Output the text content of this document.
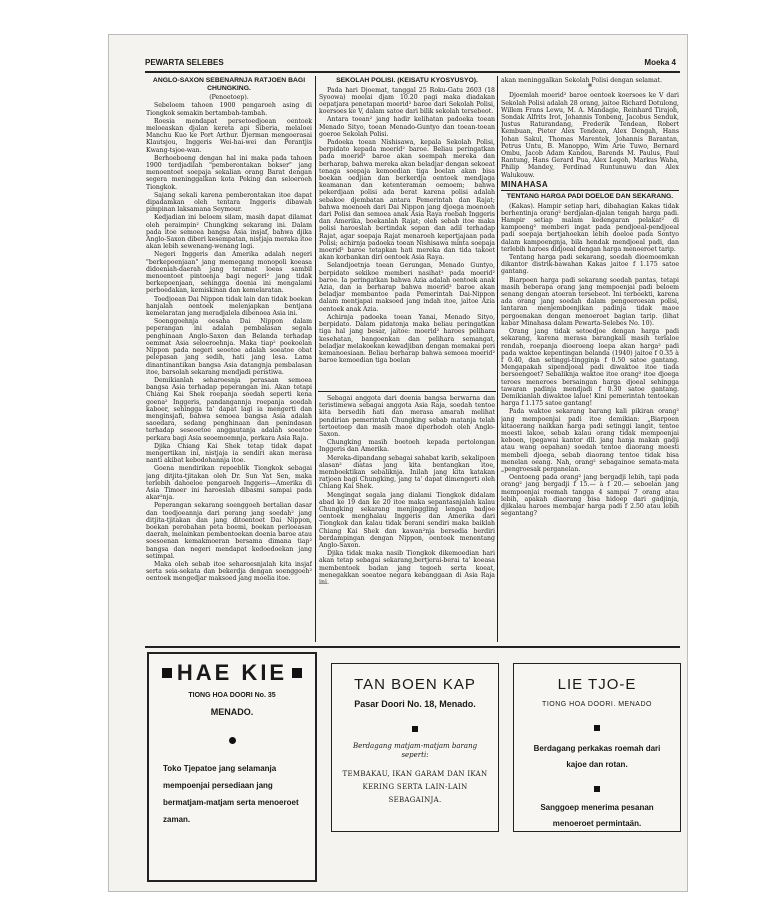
PEWARTA SELEBES	Moeka 4
ANGLO-SAXON SEBENARNJA RATJOEN BAGI CHUNGKING.
(Penoetoep).

Sebeloem tahoen 1900 pengaroeh asing di Tiongkok semakin bertambah-tambah.

Roesia mendapat persetoedjoean oentoek meloeaskan djalan kereta api Siberia, melaloei Manchu Kuo ke Port Arthur. Djerman mengoerasai Klautsjou, Inggeris Wei-hai-wei dan Perantjis Kwang-tsjoe-wan.

Berhoeboeng dengan hal ini maka pada tahoen 1900 terdjadilah "pemberontakan bokser" jang menoentoet soepaja sekalian orang Barat dengan segera meninggalkan kota Peking dan seloeroeh Tiongkok.

Sajang sekali karena pemberontakan itoe dapat dipadamkan oleh tentara Inggeris dibawah pimpinan laksamana Seymour.

Kedjadian ini beloem silam, masih dapat dilamat oleh peraimpin² Chungking sekarang ini. Dalam pada itoe semoea bangsa Asia insjaf, bahwa djika Anglo-Saxon diberi kesempatan, nistjaja meraka itoe akan lebih sewenang-wenang lagi.

Negeri Inggeris dan Amerika adalah negeri "berkepoenjaan" jang memegang monopoli koeasa didoeniah-daerah jang teramat loeas sambil menoentoet pintoenja bagi negeri² jang tidak berkepoenjaan, sehingga doenia ini mengalami perboedakan, kemiskinan dan kemelaratan.

Toedjoean Dai Nippon tidak lain dan tidak boekan hanjalah oentoek melenjapkan bentjana kemelaratan jang meradjalela dibenoea Asia ini.

Soenggoehnja oesaha Dai Nippon dalam peperangan ini adalah pembalasan segala penghinaan Anglo-Saxon dan Belanda terhadap oemmat Asia seloeroehnja. Maka tiap² poekoelan Nippon pada negeri seoetoe adalah soeatoe obat pelepasan jang sedih, hati jang lesa. Lama dinantinantikan bangsa Asia datangnja pembalasan itoe, barsolah sekarang mendjadi peristiwa.

Demikianlah seharoesnja perasaan semoea bangsa Asia terhadap peperangan ini. Akan tetapi Chiang Kai Shek roepanja soedah seperti kena goena² Inggeris, pandangannja roepanja soedah kaboer, sehingga ta' dapat lagi ia mengerti dan menginsjafi, bahwa semoea bangsa Asia adalah saoedara, sedang penghinaan dan penindasan terhadap seseoetoe anggautanja adalah soeatoe perkara bagi Asia seoemoemnja, perkara Asia Raja.

Djika Chiang Kai Shek tetap tidak dapat mengertikan ini, nistjaja ia sendiri akan merasa nanti akibat kebodohannja itoe.

Goena mendirikan repoeblik Tiongkok sebagai jang ditjita-tjitakan oleh Dr. Sun Yat Sen, maka terlebih dahoeloe pengaroeh Inggeris—Amerika di Asia Timoer ini haroeslah dibasmi sampai pada akar²nja.

Peperangan sekarang soenggoeh bertalian dasar dan toedjoeannja dari perang jang soedah² jang ditjita-tjitakan dan jang ditoentoet Dai Nippon, boekan perobahan peta boemi, boekan perloeasan daerah, melainkan pembentoekan doenia baroe atau soesoenan kemakmoeran bersama dimana tiap² bangsa dan negeri mendapat kedoedoekan jang setimpal.

Maka oleh sebab itoe seharoesnjalah kita insjaf serta seia-sekata dan bekerdja dengan soenggoeh² oentoek mengedjar maksoed jang moelia itoe.

SEKOLAH POLISI. (KEISATU KYOSYUSYO).

Pada hari Djoemat, tanggal 25 Roku-Gatu 2603 (18 Syoowa) moelai djam 10.20 pagi maka diadakan oepatjara penetapan moerid² baroe dari Sekolah Polisi, koersoes ke V, dalam satoe dari bilik sekolah tersebeot.

Antara toean² jang hadir kelihatan padoeka toean Menado Sityo, toean Menado-Guntyo dan toean-toean goeroe Sekolah Polisi.

Padoeka toean Nishisawa, kepala Sekolah Polisi, berpidato kepada moerid² baroe. Beliau peringatkan pada moerid² baroe akan soempah mereka dan berharap, bahwa mereka akan beladjar dengan sekoeat tenaga soepaja kemoedian tiga boelan akan bisa boekan oedjian dan berkerdja oentoek mendjaga keamanan dan ketenteraman oemoem; bahwa pekerdjaan polisi ada berat karena polisi adalah sebakoe djembatan antara Pemerintah dan Rajat; bahwa moenoeh dari Dai Nippon jang djoega moenoeh dari Polisi dan semoea anak Asia Raya roebah Inggeris dan Amerika, boekanlah Rajat; oleh sebab itoe maka polisi haroeslah bertindak sopan dan adil terhadap Rajat, agar soepaja Rajat menaroeh kepertjajaan pada Polisi; achirnja padoeka toean Nishisawa minta soepaja moerid² baroe tetapkan hati mereka dan tida takoet akan korbankan diri oentoek Asia Raya.

Selandjoetnja toean Gerungan, Menado Guntyo, berpidato sekikoe memberi nasihat² pada moerid² baroe. Ia peringatkan bahwa Azia adalah oentoek anak Azia, dan ia berharap bahwa moerid² baroe akan beladjar membantoe pada Pemerintah Dai-Nippon dalam mentjapai maksoed jang indah itoe, jaitoe Azia oentoek anak Azia.

Achirnja padoeka toean Yanai, Menado Sityo, berpidato. Dalam pidatonja maka beliau peringatkan tiga hal jang besar, jaitoe: moerid² haroes pelihara kesehatan, bangoenkan dan pelihara semangat, beladjar melakoekan kewadjiban dengan memakai peri kemanoesiaan. Beliau berharap bahwa semoea moerid² baroe kemoedian tiga boelan

Sebagai anggota dari doenia bangsa berwarna dan teristimewa sebagai anggota Asia Raja, soedah tentoe kita bersedih hati dan merasa amarah melihat pendirian pemerintah Chungking sebab matanja telah tertoetoep dan masih maoe diperbodoh oleh Anglo-Saxon.

Chungking masih boetoeh kepada pertolongan Inggeris dan Amerika.

Mereka-dipandang sebagai sahabat karib, sekalipoen alasan² diatas jang kita bentangkan itoe, memboektikan sebaliknja. Inilah jang kita katakan ratjoen bagi Chungking, jang ta' dapat dimengerti oleh Chiang Kai Shek.

Mengingat segala jang dialami Tiongkok didalam abad ke 19 dan ke 20 itoe maka sepantasnjalah kalau Chungking sekarang menjinggling lengan badjoe oentoek menghalau Inggeris dan Amerika dari Tiongkok dan kalau tidak berani sendiri maka baiklah Chiang Kai Shek dan kawan²nja bersedia berdiri berdampingan dengan Nippon, oentoek menentang Anglo-Saxon.

Djika tidak maka nasib Tiongkok dikemoedian hari akan tetap sebagai sekarang,bertjerai-berai ta' koeasa membentoek badan jang tegoeh serta koeat, menegakkan soeatoe negara kebanggaan di Asia Raja ini.

akan meninggalkan Sekolah Polisi dengan selamat.

*

Djoemlah moerid² baroe oentoek koersoes ke V dari Sekolah Polisi adalah 28 orang, jaitoe Richard Dotulong, Willem Frans Lewu, M. A. Mandagie, Reinhard Tirajoh, Sondak Alfrits Irot, Johannis Tonbeng, Jacobus Senduk, Justus Raturandang, Frederik Tendean, Robert Kembuan, Pieter Alex Tendean, Alex Dengah, Hans Johan Sakul, Thomas Marentek, Johannis Barantan, Petrus Untu, B. Manoppo, Wim Arie Tuwo, Bernard Ombu, Jacob Adam Kandou, Barends M. Paulus, Paul Rantung, Hans Gerard Pua, Alex Legoh, Markus Waha, Philip Mandey, Ferdinad Runtunuwu dan Alex Walukouw.

MINAHASA
TENTANG HARGA PADI DOELOE DAN SEKARANG.

(Kakas). Hampir setiap hari, dibahagian Kakas tidak berhentinja orang² berdjalan-djalan tengah harga padi. Hampir setiap malam kedengaran pelakat² di kampoeng² memberi ingat pada pendjoeal-pendjoeal padi soepaja bertjahoekan lebih doeloe pada Sontyo dalam kampoengnja, bila hendak mendjoeal padi, dan terlebih haroes didjoeal dengan harga menoeroet tarip.

Tentang harga padi sekarang, soedah dioemoemkan dikantor distrik-bawahan Kakas jaitoe f 1.175 satoe gantang.

Biarpoen harga padi sekarang soedah pantas, tetapi masih beberapa orang jang mempoenjai padi beloem senang dengan atoeran tersebeot. Ini terboekti, karena ada orang jang soedah dalam pengoeroesan polisi, lantaran menjemboenjikan padinja tidak maoe pergoenakan dengan menoeroet bagian tarip. (lihat kabar Minahasa dalam Pewarta-Selebes No. 10).

Orang jang tidak setoedjoe dengan harga padi sekarang, karena merasa barangkali masih terlaloe rendah, roepanja dioeroeng loepa akan harga² padi pada waktoe kepentingan belanda (1940) jaitoe f 0.35 à f 0.40, dan setinggi-tingginja f 0.50 satoe gantang. Mengapakah sipendjoeal padi diwaktoe itoe tiada bersoengoet? Sebaliknja waktoe itoe orang² itoe djoega teroes meneroes bersaingan harga djoeal sehingga tawaran padinja mendjadi f 0.30 satoe gantang. Demikianlah diwaktoe lalue! Kini pemerintah tentoekan harga f 1.175 satoe gantang!

Pada waktoe sekarang barang kali pikiran orang² jang mempoenjai padi itoe demikian: „Biarpoen kitaoerang naikkan harga padi setinggi langit, tentoe moesti lakoe, sebab kalau orang tidak mempoenjai keboen, (pegawai kantor dll. jang hanja makan gadji atau wang oepahan) soedah tentoe diaorang moesti membeli djoega, sebab diaorang tentoe tidak bisa menelan oeang. Nah, orang² sebagainoe semata-mata „pengroesak perganelan.

Oentoeng pada orang² jang bergadji lebih, tapi pada orang² jang bergadji f 15.— à f 20.— seboelan jang mempoenjai roemah tangga 4 sampai 7 orang atau lebih, apakah diaorang bisa hidoep dari gadjinja, djikalau haroes membajar harga padi f 2.50 atau lebih segantang?

HAE KIE
TIONG HOA DOORI No. 35
MENADO.
Toko Tjepatoe jang selamanja mempoenjai persediaan jang bermatjam-matjam serta menoeroet zaman.
TAN BOEN KAP
Pasar Doori No. 18, Menado.
Berdagang matjam-matjam barang seperti:
TEMBAKAU, IKAN GARAM DAN IKAN KERING SERTA LAIN-LAIN SEBAGAINJA.
LIE TJO-E
TIONG HOA DOORI. MENADO
Berdagang perkakas roemah dari kajoe dan rotan.
Sanggoep menerima pesanan menoeroet permintaän.
